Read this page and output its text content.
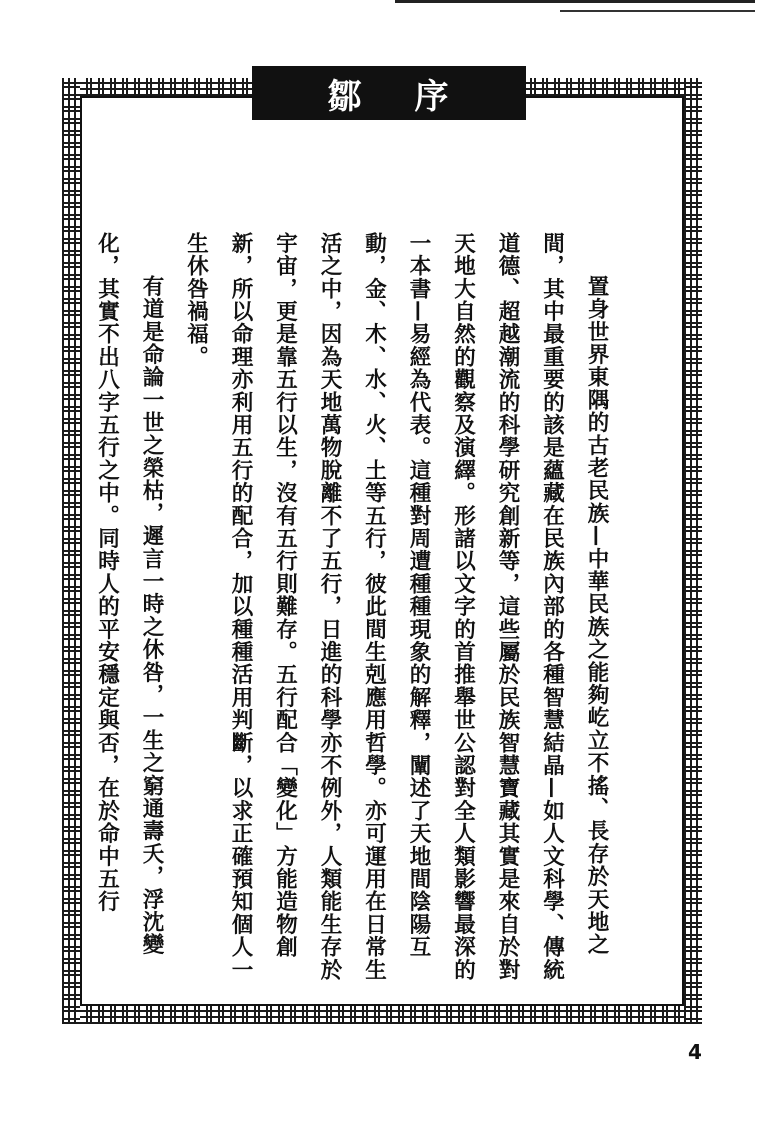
鄒 序

置身世界東隅的古老民族—中華民族之能夠屹立不搖、長存於天地之間，其中最重要的該是蘊藏在民族內部的各種智慧結晶—如人文科學、傳統道德、超越潮流的科學研究創新等，這些屬於民族智慧寶藏其實是來自於對天地大自然的觀察及演繹。形諸以文字的首推舉世公認對全人類影響最深的一本書—易經為代表。這種對周遭種種現象的解釋，闡述了天地間陰陽互動，金、木、水、火、土等五行，彼此間生剋應用哲學。亦可運用在日常生活之中，因為天地萬物脫離不了五行，日進的科學亦不例外，人類能生存於宇宙，更是靠五行以生，沒有五行則難存。五行配合「變化」方能造物創新，所以命理亦利用五行的配合，加以種種活用判斷，以求正確預知個人一生休咎禍福。

有道是命論一世之榮枯，遲言一時之休咎，一生之窮通壽夭，浮沈變化，其實不出八字五行之中。同時人的平安穩定與否，在於命中五行

4
